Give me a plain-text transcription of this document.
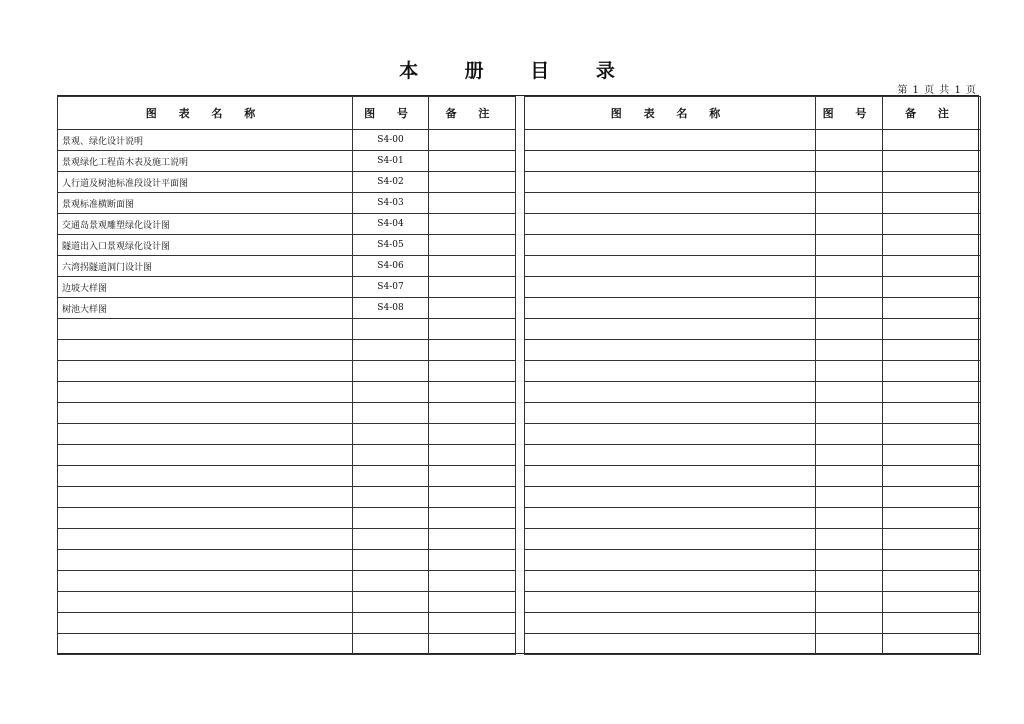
本 册 目 录
第 1 页 共 1 页
图 表 名 称	图 号	备 注
景观、绿化设计说明	S4-00	
景观绿化工程苗木表及施工说明	S4-01	
人行道及树池标准段设计平面图	S4-02	
景观标准横断面图	S4-03	
交通岛景观雕塑绿化设计图	S4-04	
隧道出入口景观绿化设计图	S4-05	
六湾拐隧道洞门设计图	S4-06	
边坡大样图	S4-07	
树池大样图	S4-08	

图 表 名 称	图 号	备 注
